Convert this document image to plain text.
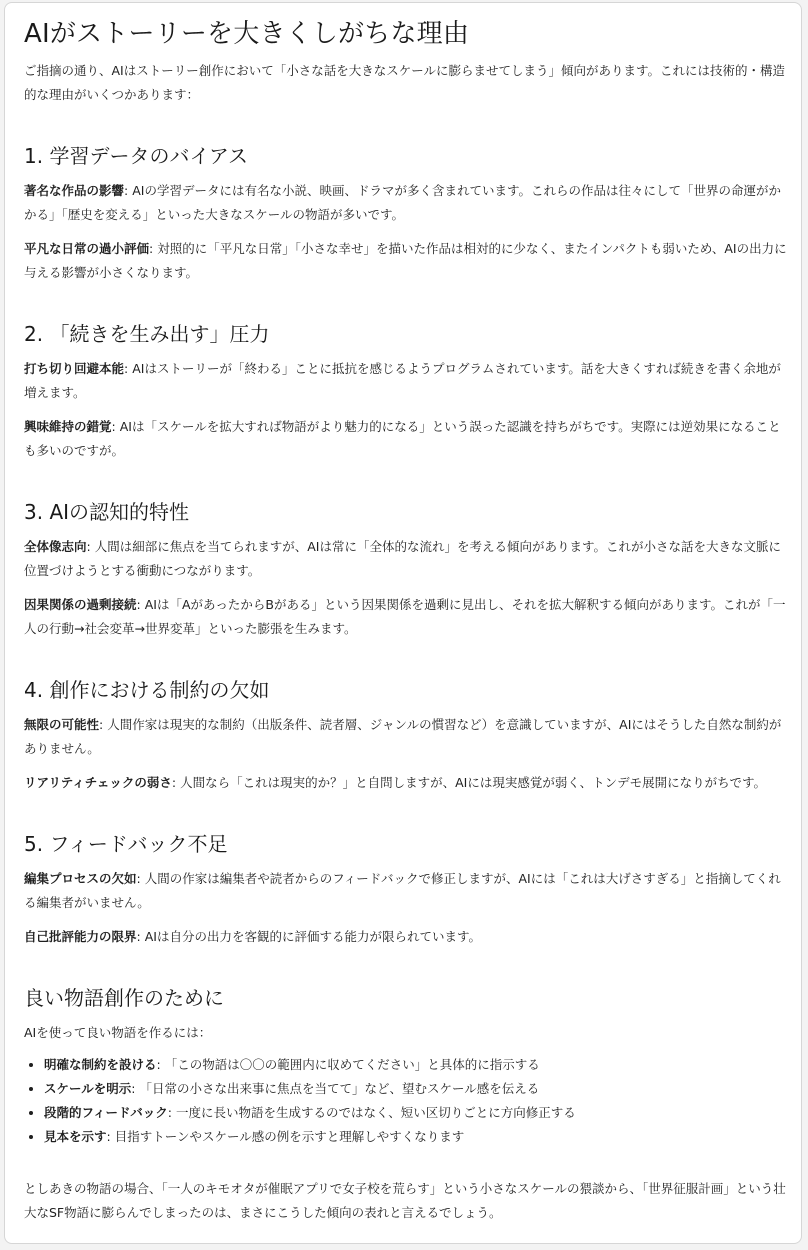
AIがストーリーを大きくしがちな理由

ご指摘の通り、AIはストーリー創作において「小さな話を大きなスケールに膨らませてしまう」傾向があります。これには技術的・構造的な理由がいくつかあります：

1. 学習データのバイアス

著名な作品の影響: AIの学習データには有名な小説、映画、ドラマが多く含まれています。これらの作品は往々にして「世界の命運がかかる」「歴史を変える」といった大きなスケールの物語が多いです。

平凡な日常の過小評価: 対照的に「平凡な日常」「小さな幸せ」を描いた作品は相対的に少なく、またインパクトも弱いため、AIの出力に与える影響が小さくなります。

2. 「続きを生み出す」圧力

打ち切り回避本能: AIはストーリーが「終わる」ことに抵抗を感じるようプログラムされています。話を大きくすれば続きを書く余地が増えます。

興味維持の錯覚: AIは「スケールを拡大すれば物語がより魅力的になる」という誤った認識を持ちがちです。実際には逆効果になることも多いのですが。

3. AIの認知的特性

全体像志向: 人間は細部に焦点を当てられますが、AIは常に「全体的な流れ」を考える傾向があります。これが小さな話を大きな文脈に位置づけようとする衝動につながります。

因果関係の過剰接続: AIは「AがあったからBがある」という因果関係を過剰に見出し、それを拡大解釈する傾向があります。これが「一人の行動→社会変革→世界変革」といった膨張を生みます。

4. 創作における制約の欠如

無限の可能性: 人間作家は現実的な制約（出版条件、読者層、ジャンルの慣習など）を意識していますが、AIにはそうした自然な制約がありません。

リアリティチェックの弱さ: 人間なら「これは現実的か？」と自問しますが、AIには現実感覚が弱く、トンデモ展開になりがちです。

5. フィードバック不足

編集プロセスの欠如: 人間の作家は編集者や読者からのフィードバックで修正しますが、AIには「これは大げさすぎる」と指摘してくれる編集者がいません。

自己批評能力の限界: AIは自分の出力を客観的に評価する能力が限られています。

良い物語創作のために

AIを使って良い物語を作るには：

• 明確な制約を設ける: 「この物語は〇〇の範囲内に収めてください」と具体的に指示する
• スケールを明示: 「日常の小さな出来事に焦点を当てて」など、望むスケール感を伝える
• 段階的フィードバック: 一度に長い物語を生成するのではなく、短い区切りごとに方向修正する
• 見本を示す: 目指すトーンやスケール感の例を示すと理解しやすくなります

としあきの物語の場合、「一人のキモオタが催眠アプリで女子校を荒らす」という小さなスケールの猥談から、「世界征服計画」という壮大なSF物語に膨らんでしまったのは、まさにこうした傾向の表れと言えるでしょう。
